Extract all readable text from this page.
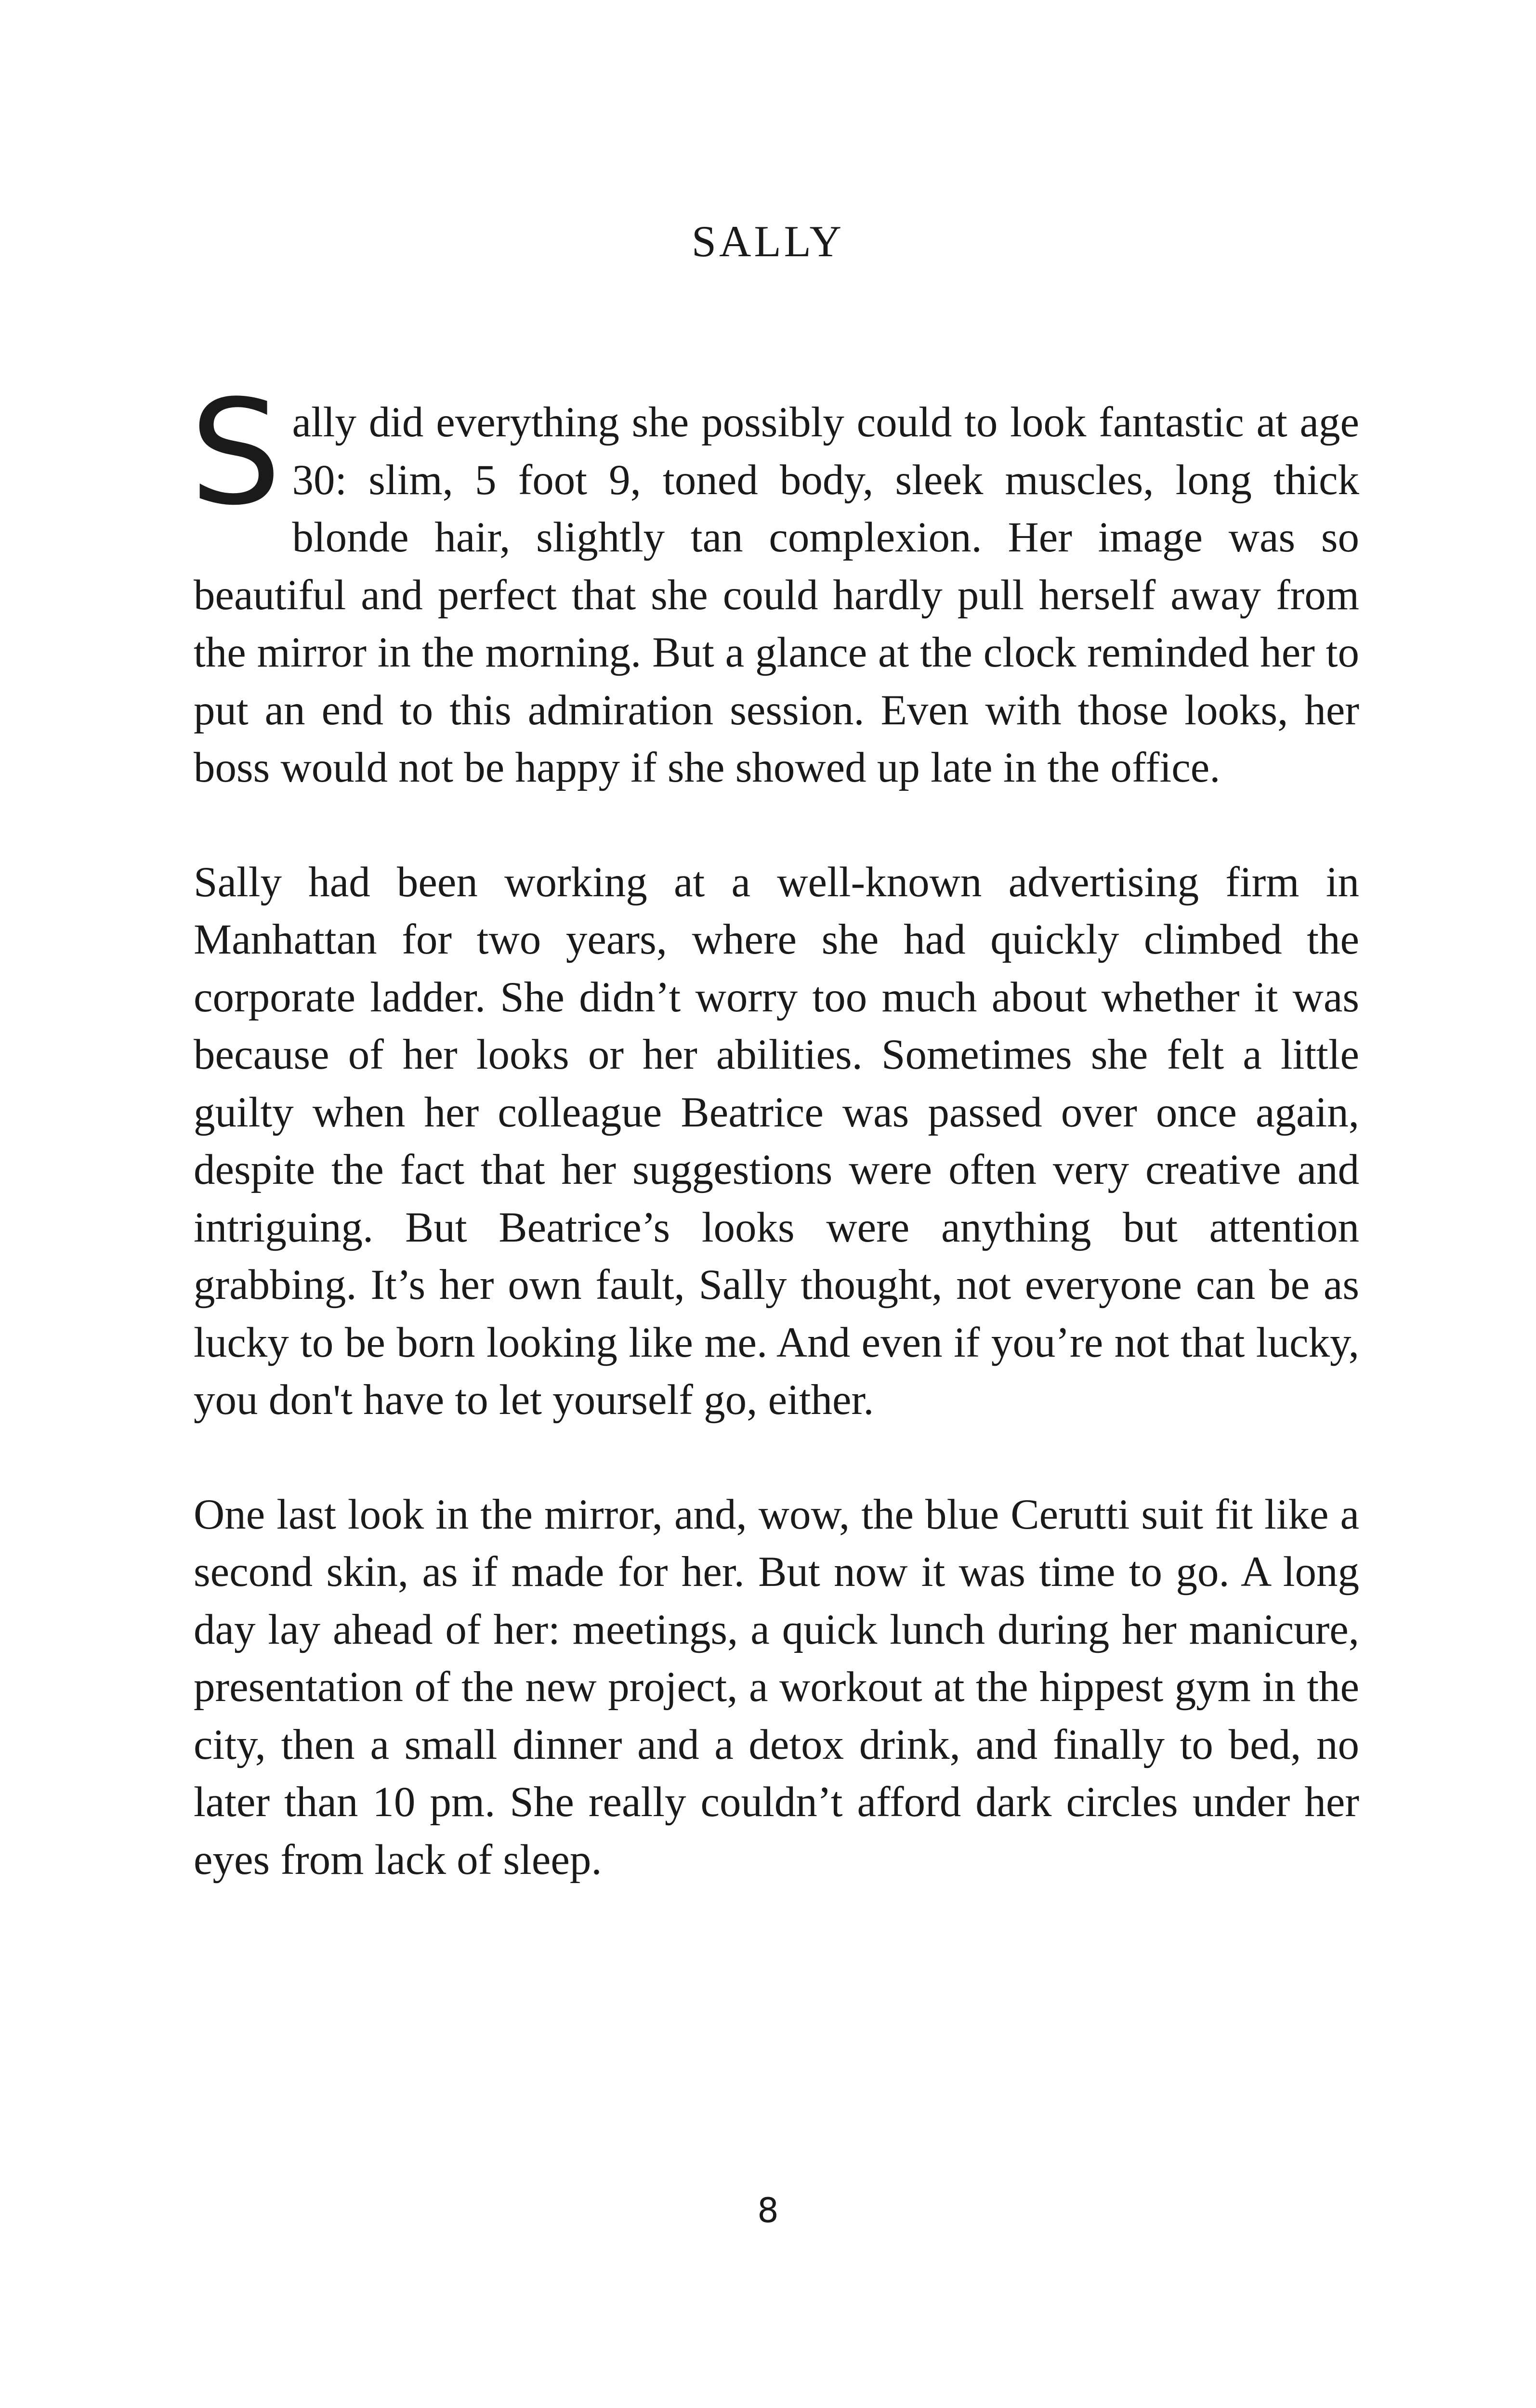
SALLY

S ally did everything she possibly could to look fantastic at age 30: slim, 5 foot 9, toned body, sleek muscles, long thick blonde hair, slightly tan complexion. Her image was so beautiful and perfect that she could hardly pull herself away from the mirror in the morning. But a glance at the clock reminded her to put an end to this admiration session. Even with those looks, her boss would not be happy if she showed up late in the office.

Sally had been working at a well-known advertising firm in Manhattan for two years, where she had quickly climbed the corporate ladder. She didn’t worry too much about whether it was because of her looks or her abilities. Sometimes she felt a little guilty when her colleague Beatrice was passed over once again, despite the fact that her suggestions were often very creative and intriguing. But Beatrice’s looks were anything but attention grabbing. It’s her own fault, Sally thought, not everyone can be as lucky to be born looking like me. And even if you’re not that lucky, you don't have to let yourself go, either.

One last look in the mirror, and, wow, the blue Cerutti suit fit like a second skin, as if made for her. But now it was time to go. A long day lay ahead of her: meetings, a quick lunch during her manicure, presentation of the new project, a workout at the hippest gym in the city, then a small dinner and a detox drink, and finally to bed, no later than 10 pm. She really couldn’t afford dark circles under her eyes from lack of sleep.

8
